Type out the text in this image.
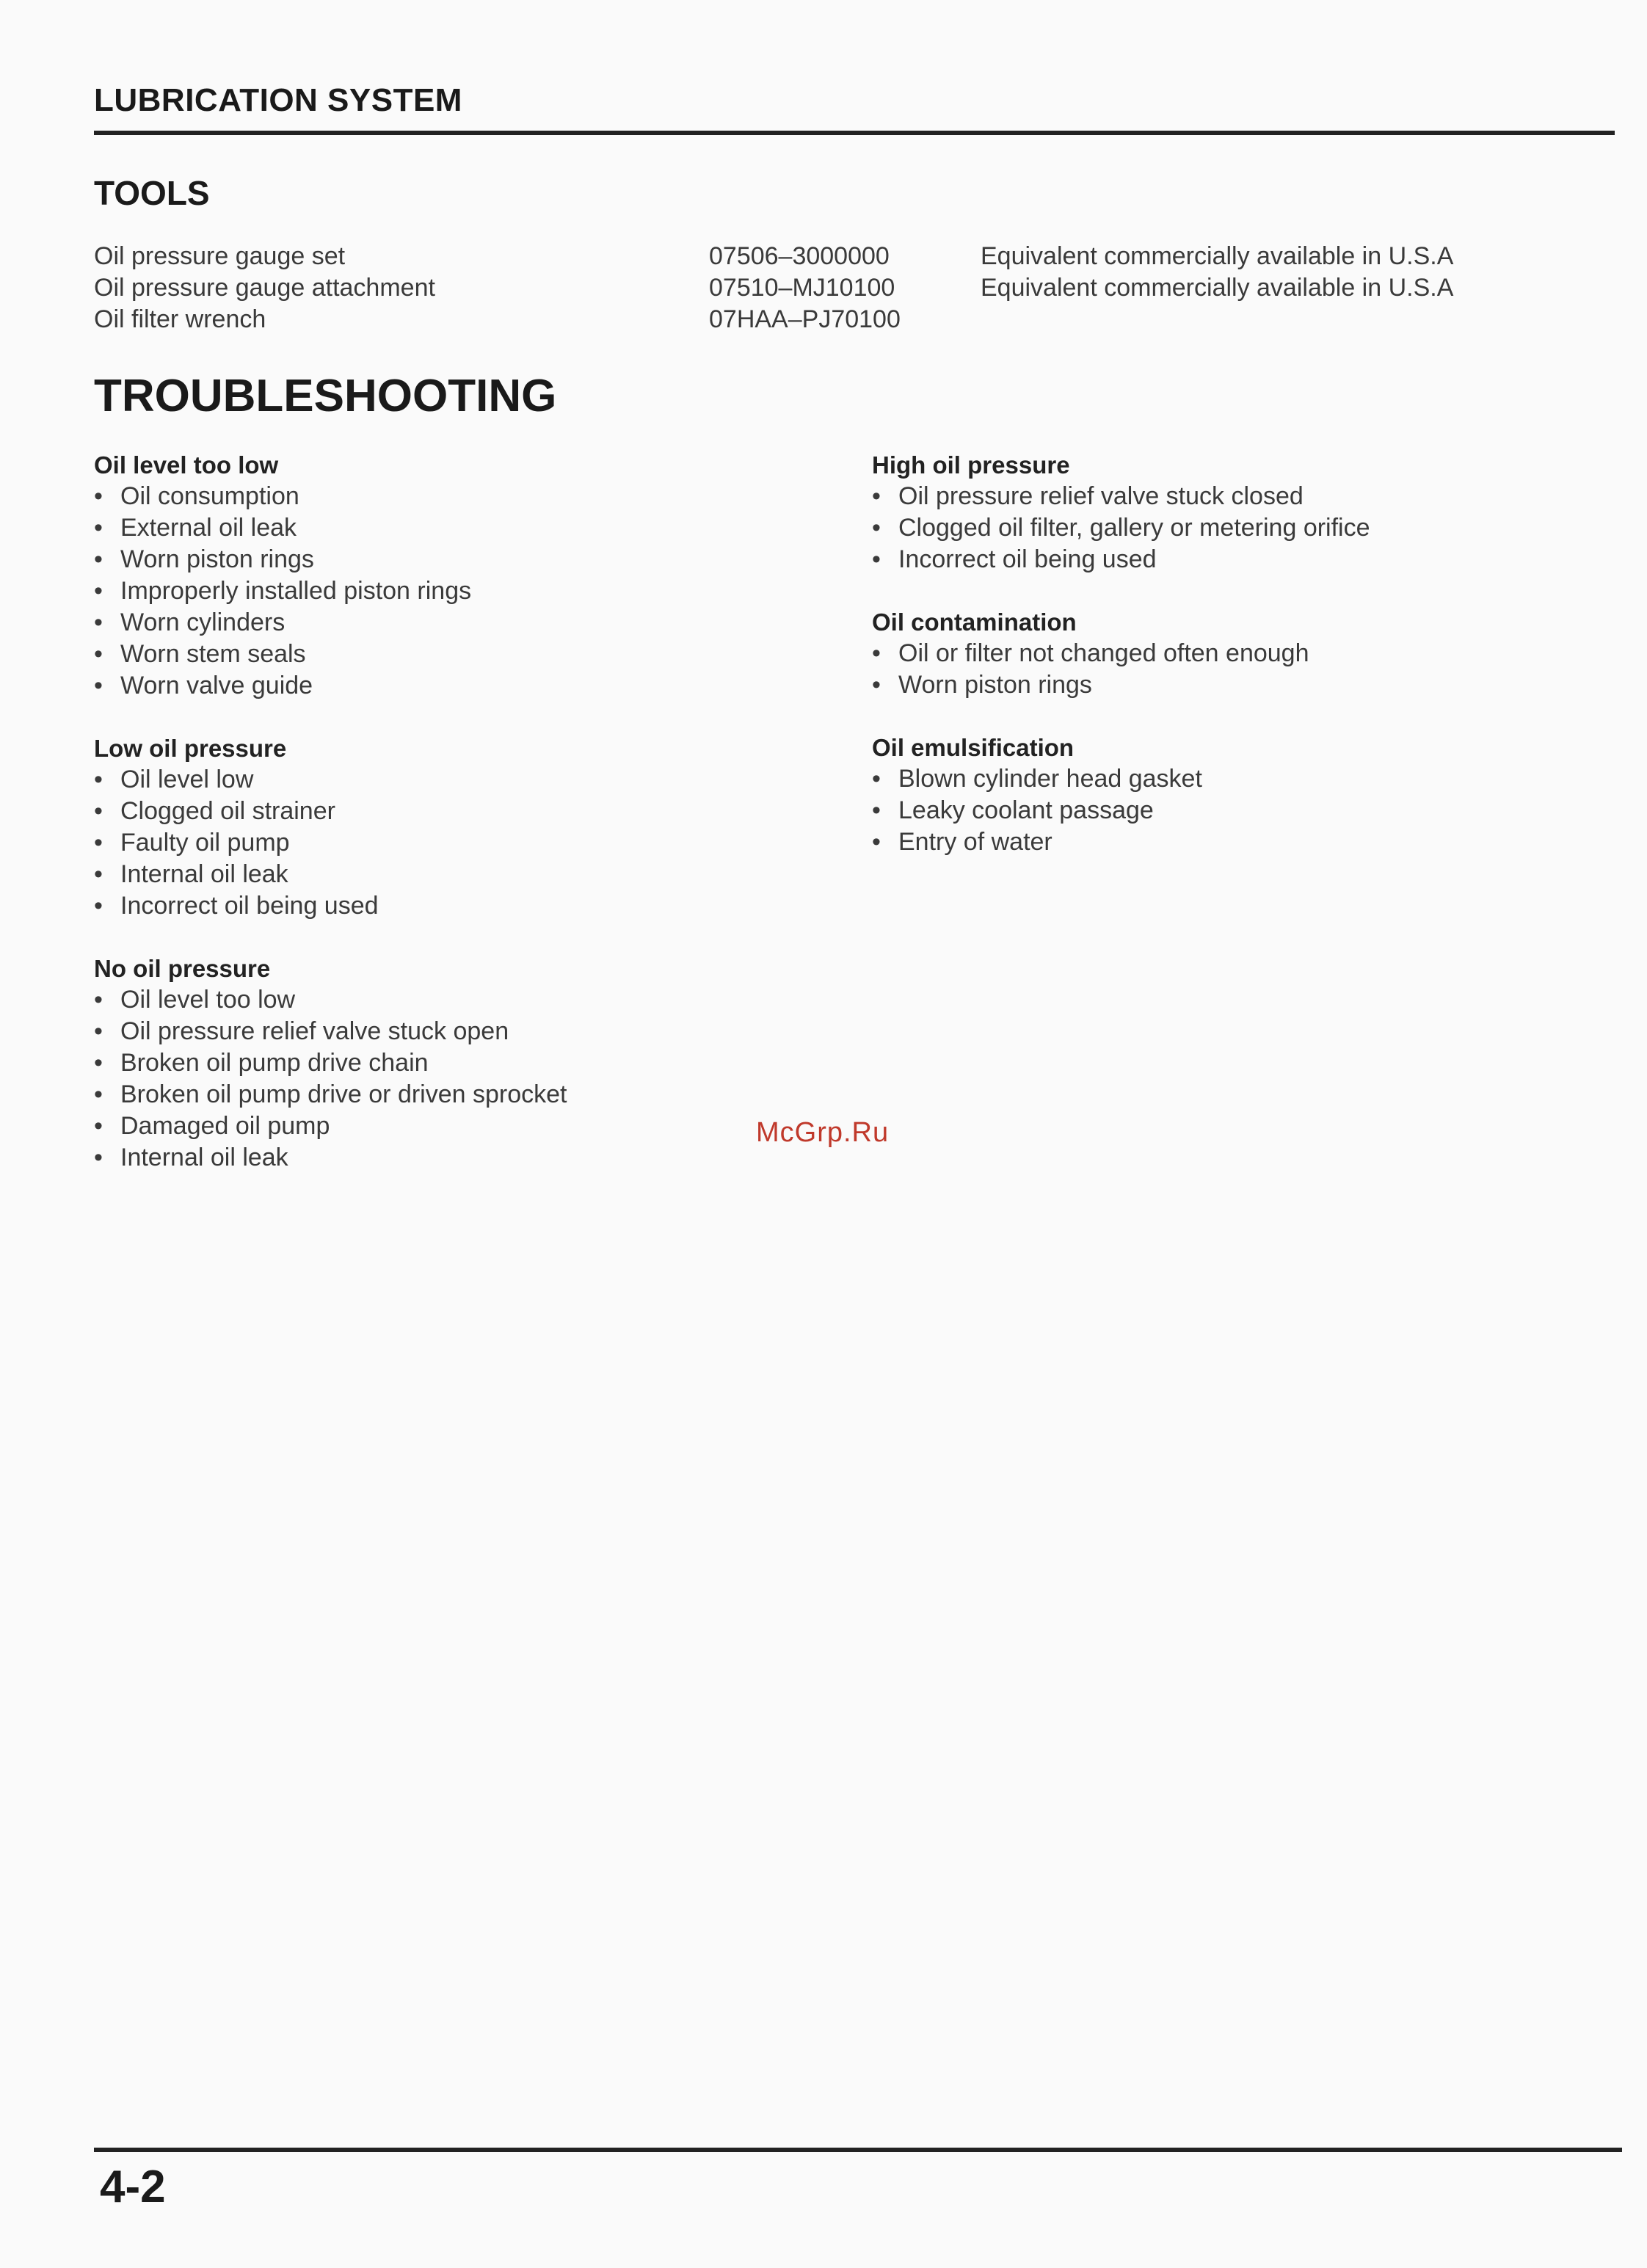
LUBRICATION SYSTEM
TOOLS
Oil pressure gauge set	07506–3000000	Equivalent commercially available in U.S.A
Oil pressure gauge attachment	07510–MJ10100	Equivalent commercially available in U.S.A
Oil filter wrench	07HAA–PJ70100
TROUBLESHOOTING
Oil level too low
• Oil consumption
• External oil leak
• Worn piston rings
• Improperly installed piston rings
• Worn cylinders
• Worn stem seals
• Worn valve guide
Low oil pressure
• Oil level low
• Clogged oil strainer
• Faulty oil pump
• Internal oil leak
• Incorrect oil being used
No oil pressure
• Oil level too low
• Oil pressure relief valve stuck open
• Broken oil pump drive chain
• Broken oil pump drive or driven sprocket
• Damaged oil pump
• Internal oil leak
High oil pressure
• Oil pressure relief valve stuck closed
• Clogged oil filter, gallery or metering orifice
• Incorrect oil being used
Oil contamination
• Oil or filter not changed often enough
• Worn piston rings
Oil emulsification
• Blown cylinder head gasket
• Leaky coolant passage
• Entry of water
McGrp.Ru
4-2
